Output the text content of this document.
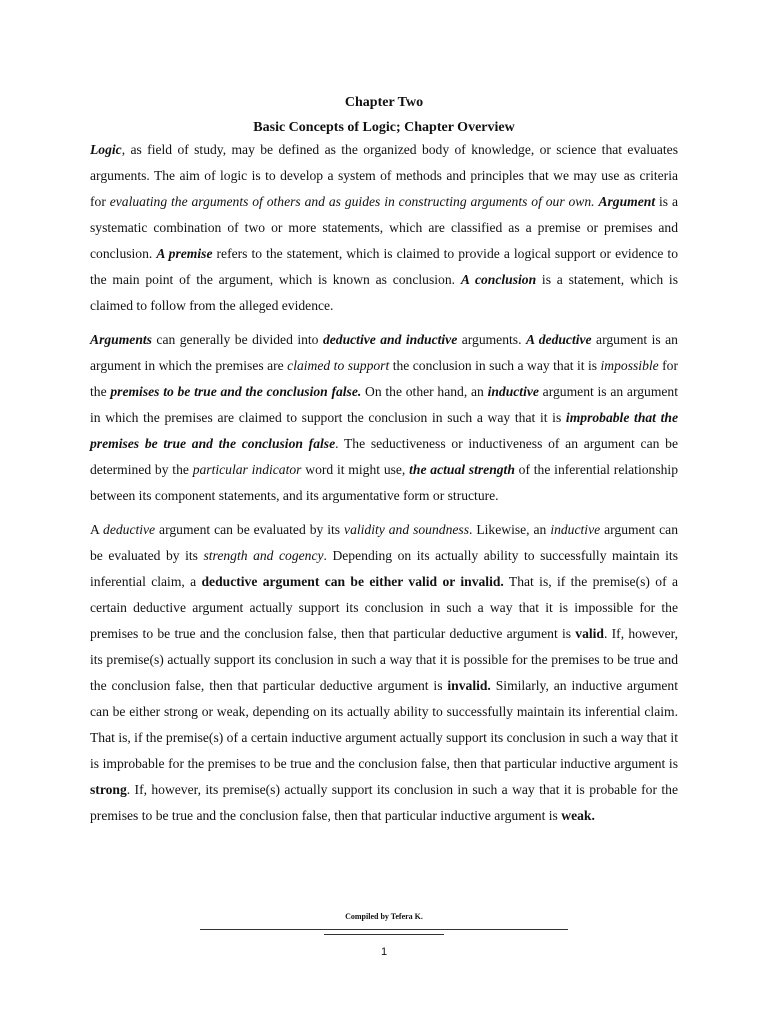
Chapter Two
Basic Concepts of Logic; Chapter Overview

Logic, as field of study, may be defined as the organized body of knowledge, or science that evaluates arguments. The aim of logic is to develop a system of methods and principles that we may use as criteria for evaluating the arguments of others and as guides in constructing arguments of our own. Argument is a systematic combination of two or more statements, which are classified as a premise or premises and conclusion. A premise refers to the statement, which is claimed to provide a logical support or evidence to the main point of the argument, which is known as conclusion. A conclusion is a statement, which is claimed to follow from the alleged evidence.

Arguments can generally be divided into deductive and inductive arguments. A deductive argument is an argument in which the premises are claimed to support the conclusion in such a way that it is impossible for the premises to be true and the conclusion false. On the other hand, an inductive argument is an argument in which the premises are claimed to support the conclusion in such a way that it is improbable that the premises be true and the conclusion false. The seductiveness or inductiveness of an argument can be determined by the particular indicator word it might use, the actual strength of the inferential relationship between its component statements, and its argumentative form or structure.

A deductive argument can be evaluated by its validity and soundness. Likewise, an inductive argument can be evaluated by its strength and cogency. Depending on its actually ability to successfully maintain its inferential claim, a deductive argument can be either valid or invalid. That is, if the premise(s) of a certain deductive argument actually support its conclusion in such a way that it is impossible for the premises to be true and the conclusion false, then that particular deductive argument is valid. If, however, its premise(s) actually support its conclusion in such a way that it is possible for the premises to be true and the conclusion false, then that particular deductive argument is invalid. Similarly, an inductive argument can be either strong or weak, depending on its actually ability to successfully maintain its inferential claim. That is, if the premise(s) of a certain inductive argument actually support its conclusion in such a way that it is improbable for the premises to be true and the conclusion false, then that particular inductive argument is strong. If, however, its premise(s) actually support its conclusion in such a way that it is probable for the premises to be true and the conclusion false, then that particular inductive argument is weak.

Compiled by Tefera K.
1
